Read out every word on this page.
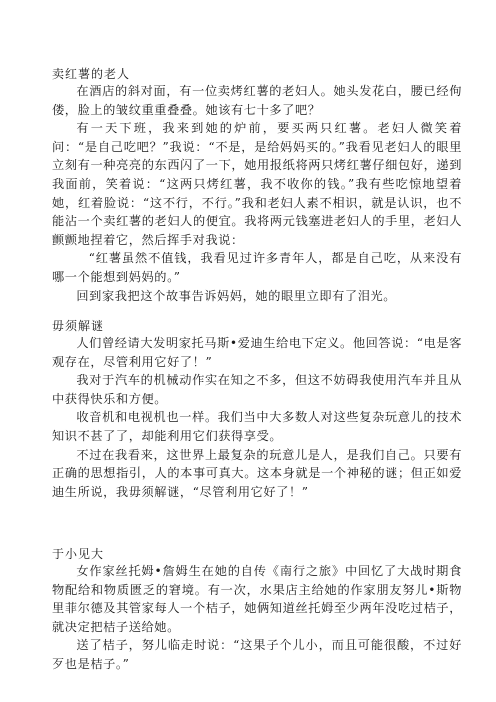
卖红薯的老人

在酒店的斜对面，有一位卖烤红薯的老妇人。她头发花白，腰已经佝偻，脸上的皱纹重重叠叠。她该有七十多了吧？

有一天下班，我来到她的炉前，要买两只红薯。老妇人微笑着问：“是自己吃吧？”我说：“不是，是给妈妈买的。”我看见老妇人的眼里立刻有一种亮亮的东西闪了一下，她用报纸将两只烤红薯仔细包好，递到我面前，笑着说：“这两只烤红薯，我不收你的钱。”我有些吃惊地望着她，红着脸说：“这不行，不行。”我和老妇人素不相识，就是认识，也不能沾一个卖红薯的老妇人的便宜。我将两元钱塞进老妇人的手里，老妇人颤颤地捏着它，然后挥手对我说：

“红薯虽然不值钱，我看见过许多青年人，都是自己吃，从来没有哪一个能想到妈妈的。”

回到家我把这个故事告诉妈妈，她的眼里立即有了泪光。

毋须解谜

人们曾经请大发明家托马斯•爱迪生给电下定义。他回答说：“电是客观存在，尽管利用它好了！”

我对于汽车的机械动作实在知之不多，但这不妨碍我使用汽车并且从中获得快乐和方便。

收音机和电视机也一样。我们当中大多数人对这些复杂玩意儿的技术知识不甚了了，却能利用它们获得享受。

不过在我看来，这世界上最复杂的玩意儿是人，是我们自己。只要有正确的思想指引，人的本事可真大。这本身就是一个神秘的谜；但正如爱迪生所说，我毋须解谜，“尽管利用它好了！”

于小见大

女作家丝托姆•詹姆生在她的自传《南行之旅》中回忆了大战时期食物配给和物质匮乏的窘境。有一次，水果店主给她的作家朋友努儿•斯物里菲尔德及其管家每人一个桔子，她俩知道丝托姆至少两年没吃过桔子，就决定把桔子送给她。

送了桔子，努儿临走时说：“这果子个儿小，而且可能很酸，不过好歹也是桔子。”
